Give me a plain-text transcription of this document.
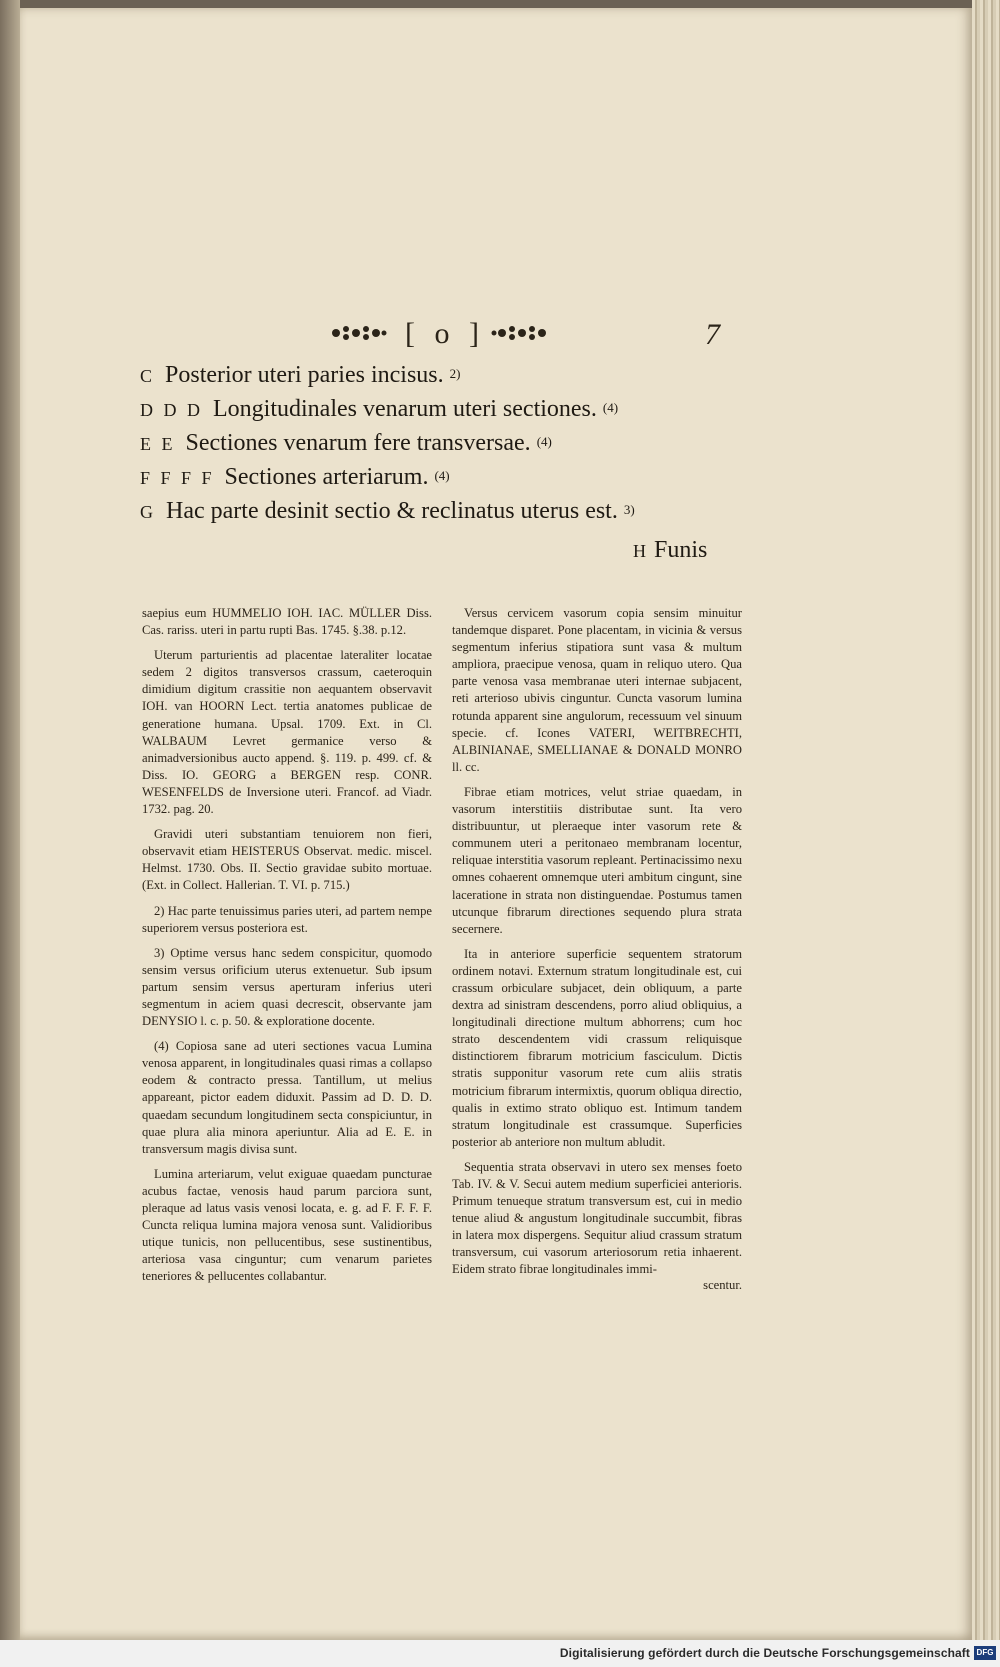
[ o ]	7
C Posterior uteri paries incisus. $^{2)}$
D D D Longitudinales venarum uteri sectiones. $^{(4)}$
E E Sectiones venarum fere transversae. $^{(4)}$
F F F F Sectiones arteriarum. $^{(4)}$
G Hac parte desinit sectio & reclinatus uterus est. $^{3)}$
H Funis

saepius eum HUMMELIO IOH. IAC. MÜLLER Diss. Cas. rariss. uteri in partu rupti Bas. 1745. §.38. p.12.

Uterum parturientis ad placentae lateraliter locatae sedem 2 digitos transversos crassum, caeteroquin dimidium digitum crassitie non aequantem observavit IOH. van HOORN Lect. tertia anatomes publicae de generatione humana. Upsal. 1709. Ext. in Cl. WALBAUM Levret germanice verso & animadversionibus aucto append. §. 119. p. 499. cf. & Diss. IO. GEORG a BERGEN resp. CONR. WESENFELDS de Inversione uteri. Francof. ad Viadr. 1732. pag. 20.

Gravidi uteri substantiam tenuiorem non fieri, observavit etiam HEISTERUS Observat. medic. miscel. Helmst. 1730. Obs. II. Sectio gravidae subito mortuae. (Ext. in Collect. Hallerian. T. VI. p. 715.)

2) Hac parte tenuissimus paries uteri, ad partem nempe superiorem versus posteriora est.

3) Optime versus hanc sedem conspicitur, quomodo sensim versus orificium uterus extenuetur. Sub ipsum partum sensim versus aperturam inferius uteri segmentum in aciem quasi decrescit, observante jam DENYSIO l. c. p. 50. & exploratione docente.

(4) Copiosa sane ad uteri sectiones vacua Lumina venosa apparent, in longitudinales quasi rimas a collapso eodem & contracto pressa. Tantillum, ut melius appareant, pictor eadem diduxit. Passim ad D. D. D. quaedam secundum longitudinem secta conspiciuntur, in quae plura alia minora aperiuntur. Alia ad E. E. in transversum magis divisa sunt.

Lumina arteriarum, velut exiguae quaedam puncturae acubus factae, venosis haud parum parciora sunt, pleraque ad latus vasis venosi locata, e. g. ad F. F. F. F. Cuncta reliqua lumina majora venosa sunt. Validioribus utique tunicis, non pellucentibus, sese sustinentibus, arteriosa vasa cinguntur; cum venarum parietes teneriores & pellucentes collabantur.

Versus cervicem vasorum copia sensim minuitur tandemque disparet. Pone placentam, in vicinia & versus segmentum inferius stipatiora sunt vasa & multum ampliora, praecipue venosa, quam in reliquo utero. Qua parte venosa vasa membranae uteri internae subjacent, reti arterioso ubivis cinguntur. Cuncta vasorum lumina rotunda apparent sine angulorum, recessuum vel sinuum specie. cf. Icones VATERI, WEITBRECHTI, ALBINIANAE, SMELLIANAE & DONALD MONRO ll. cc.

Fibrae etiam motrices, velut striae quaedam, in vasorum interstitiis distributae sunt. Ita vero distribuuntur, ut pleraeque inter vasorum rete & communem uteri a peritonaeo membranam locentur, reliquae interstitia vasorum repleant. Pertinacissimo nexu omnes cohaerent omnemque uteri ambitum cingunt, sine laceratione in strata non distinguendae. Postumus tamen utcunque fibrarum directiones sequendo plura strata secernere.

Ita in anteriore superficie sequentem stratorum ordinem notavi. Externum stratum longitudinale est, cui crassum orbiculare subjacet, dein obliquum, a parte dextra ad sinistram descendens, porro aliud obliquius, a longitudinali directione multum abhorrens; cum hoc strato descendentem vidi crassum reliquisque distinctiorem fibrarum motricium fasciculum. Dictis stratis supponitur vasorum rete cum aliis stratis motricium fibrarum intermixtis, quorum obliqua directio, qualis in extimo strato obliquo est. Intimum tandem stratum longitudinale est crassumque. Superficies posterior ab anteriore non multum abludit.

Sequentia strata observavi in utero sex menses foeto Tab. IV. & V. Secui autem medium superficiei anterioris. Primum tenueque stratum transversum est, cui in medio tenue aliud & angustum longitudinale succumbit, fibras in latera mox dispergens. Sequitur aliud crassum stratum transversum, cui vasorum arteriosorum retia inhaerent. Eidem strato fibrae longitudinales immi-

scentur.
Digitalisierung gefördert durch die Deutsche Forschungsgemeinschaft DFG
